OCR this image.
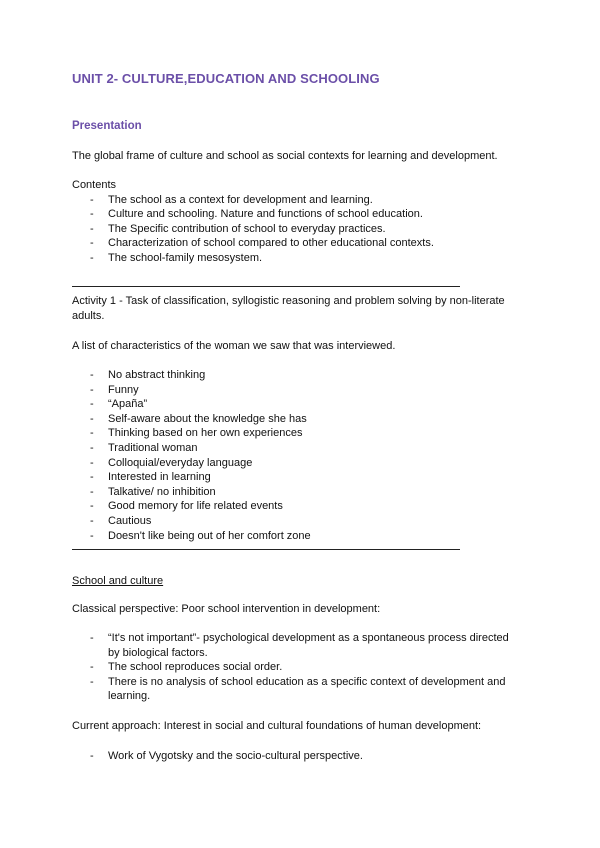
UNIT 2- CULTURE,EDUCATION AND SCHOOLING
Presentation
The global frame of culture and school as social contexts for learning and development.
Contents
- The school as a context for development and learning.
- Culture and schooling. Nature and functions of school education.
- The Specific contribution of school to everyday practices.
- Characterization of school compared to other educational contexts.
- The school-family mesosystem.
Activity 1 - Task of classification, syllogistic reasoning and problem solving by non-literate adults.
A list of characteristics of the woman we saw that was interviewed.
- No abstract thinking
- Funny
- “Apaña”
- Self-aware about the knowledge she has
- Thinking based on her own experiences
- Traditional woman
- Colloquial/everyday language
- Interested in learning
- Talkative/ no inhibition
- Good memory for life related events
- Cautious
- Doesn't like being out of her comfort zone
School and culture
Classical perspective: Poor school intervention in development:
- “It's not important”- psychological development as a spontaneous process directed by biological factors.
- The school reproduces social order.
- There is no analysis of school education as a specific context of development and learning.
Current approach: Interest in social and cultural foundations of human development:
- Work of Vygotsky and the socio-cultural perspective.
